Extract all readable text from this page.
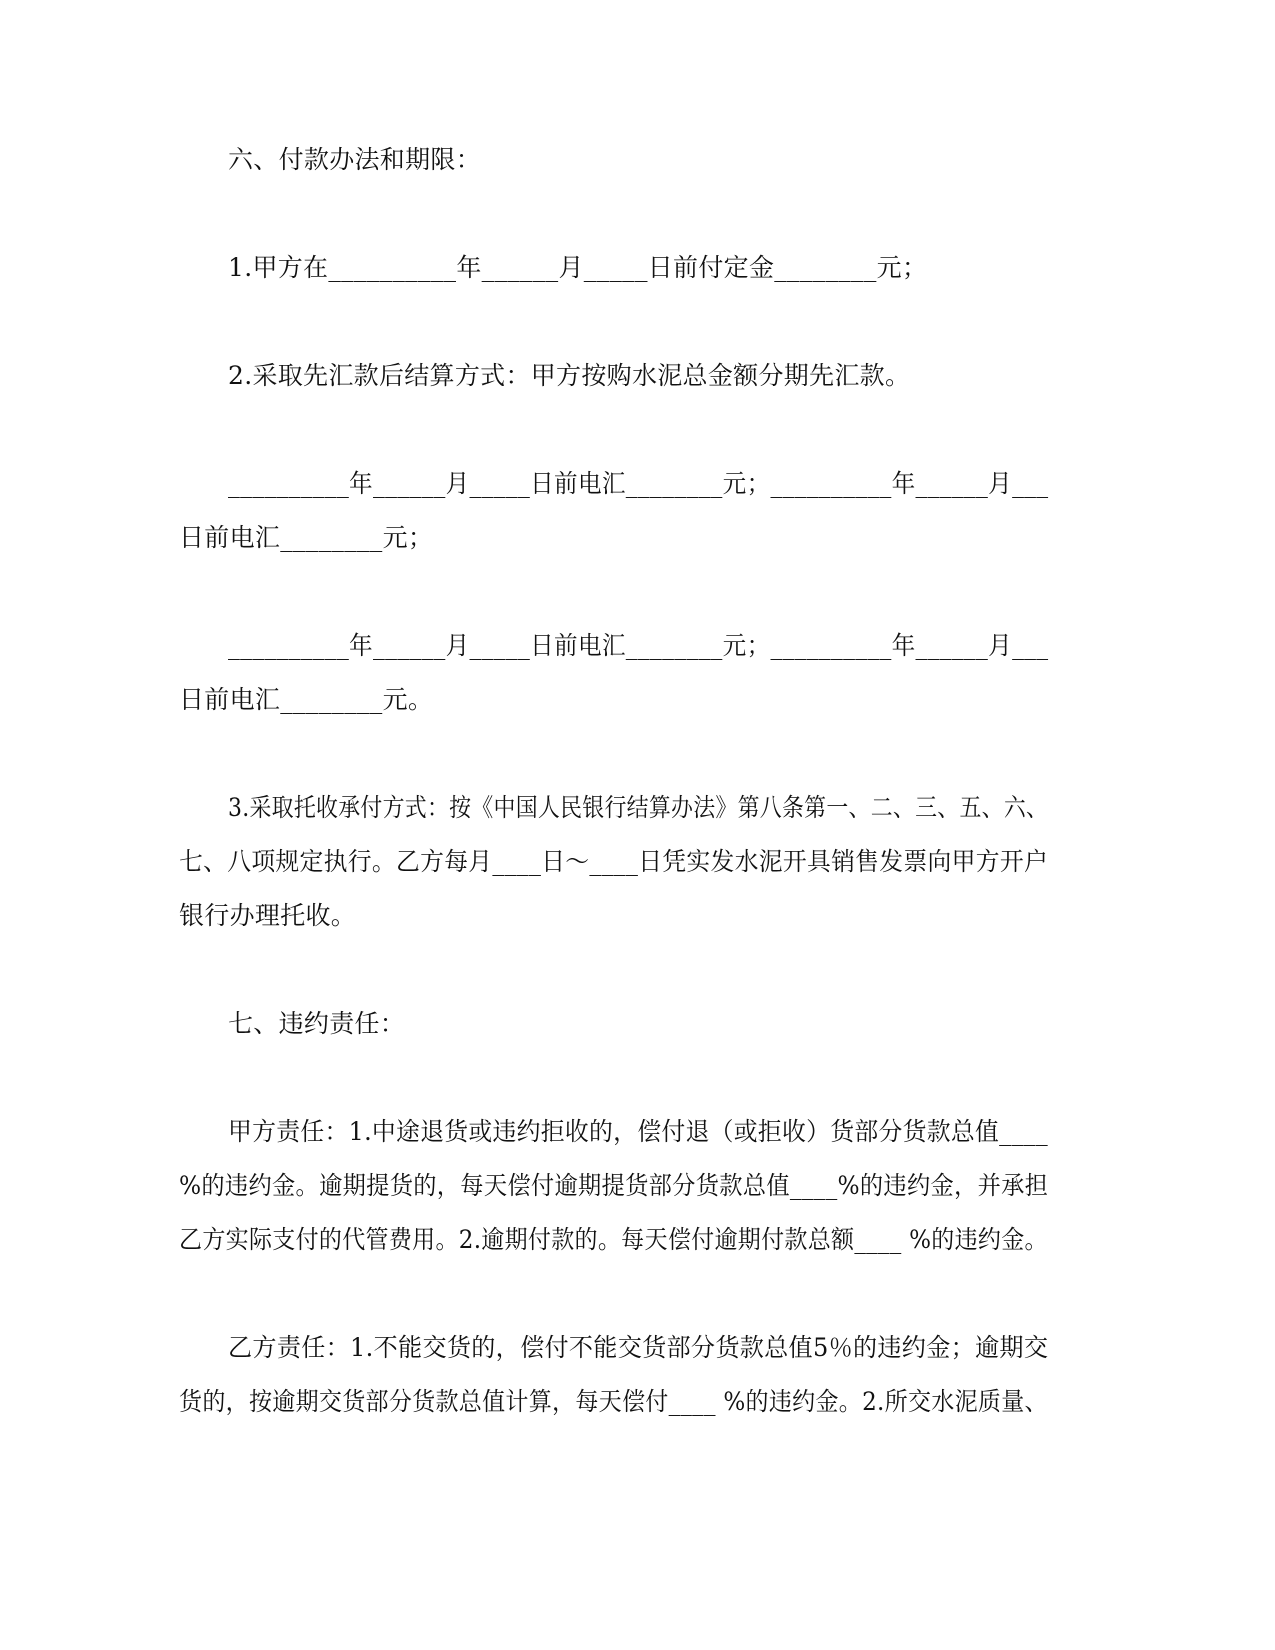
六、付款办法和期限：
1.甲方在__________年______月_____日前付定金________元；
2.采取先汇款后结算方式：甲方按购水泥总金额分期先汇款。
__________年______月_____日前电汇________元；__________年______月___
日前电汇________元；
__________年______月_____日前电汇________元；__________年______月___
日前电汇________元。
3.采取托收承付方式：按《中国人民银行结算办法》第八条第一、二、三、五、六、
七、八项规定执行。乙方每月____日～____日凭实发水泥开具销售发票向甲方开户
银行办理托收。
七、违约责任：
甲方责任：1.中途退货或违约拒收的，偿付退（或拒收）货部分货款总值____
%的违约金。逾期提货的，每天偿付逾期提货部分货款总值____%的违约金，并承担
乙方实际支付的代管费用。2.逾期付款的。每天偿付逾期付款总额____ %的违约金。
乙方责任：1.不能交货的，偿付不能交货部分货款总值5％的违约金；逾期交
货的，按逾期交货部分货款总值计算，每天偿付____ %的违约金。2.所交水泥质量、
